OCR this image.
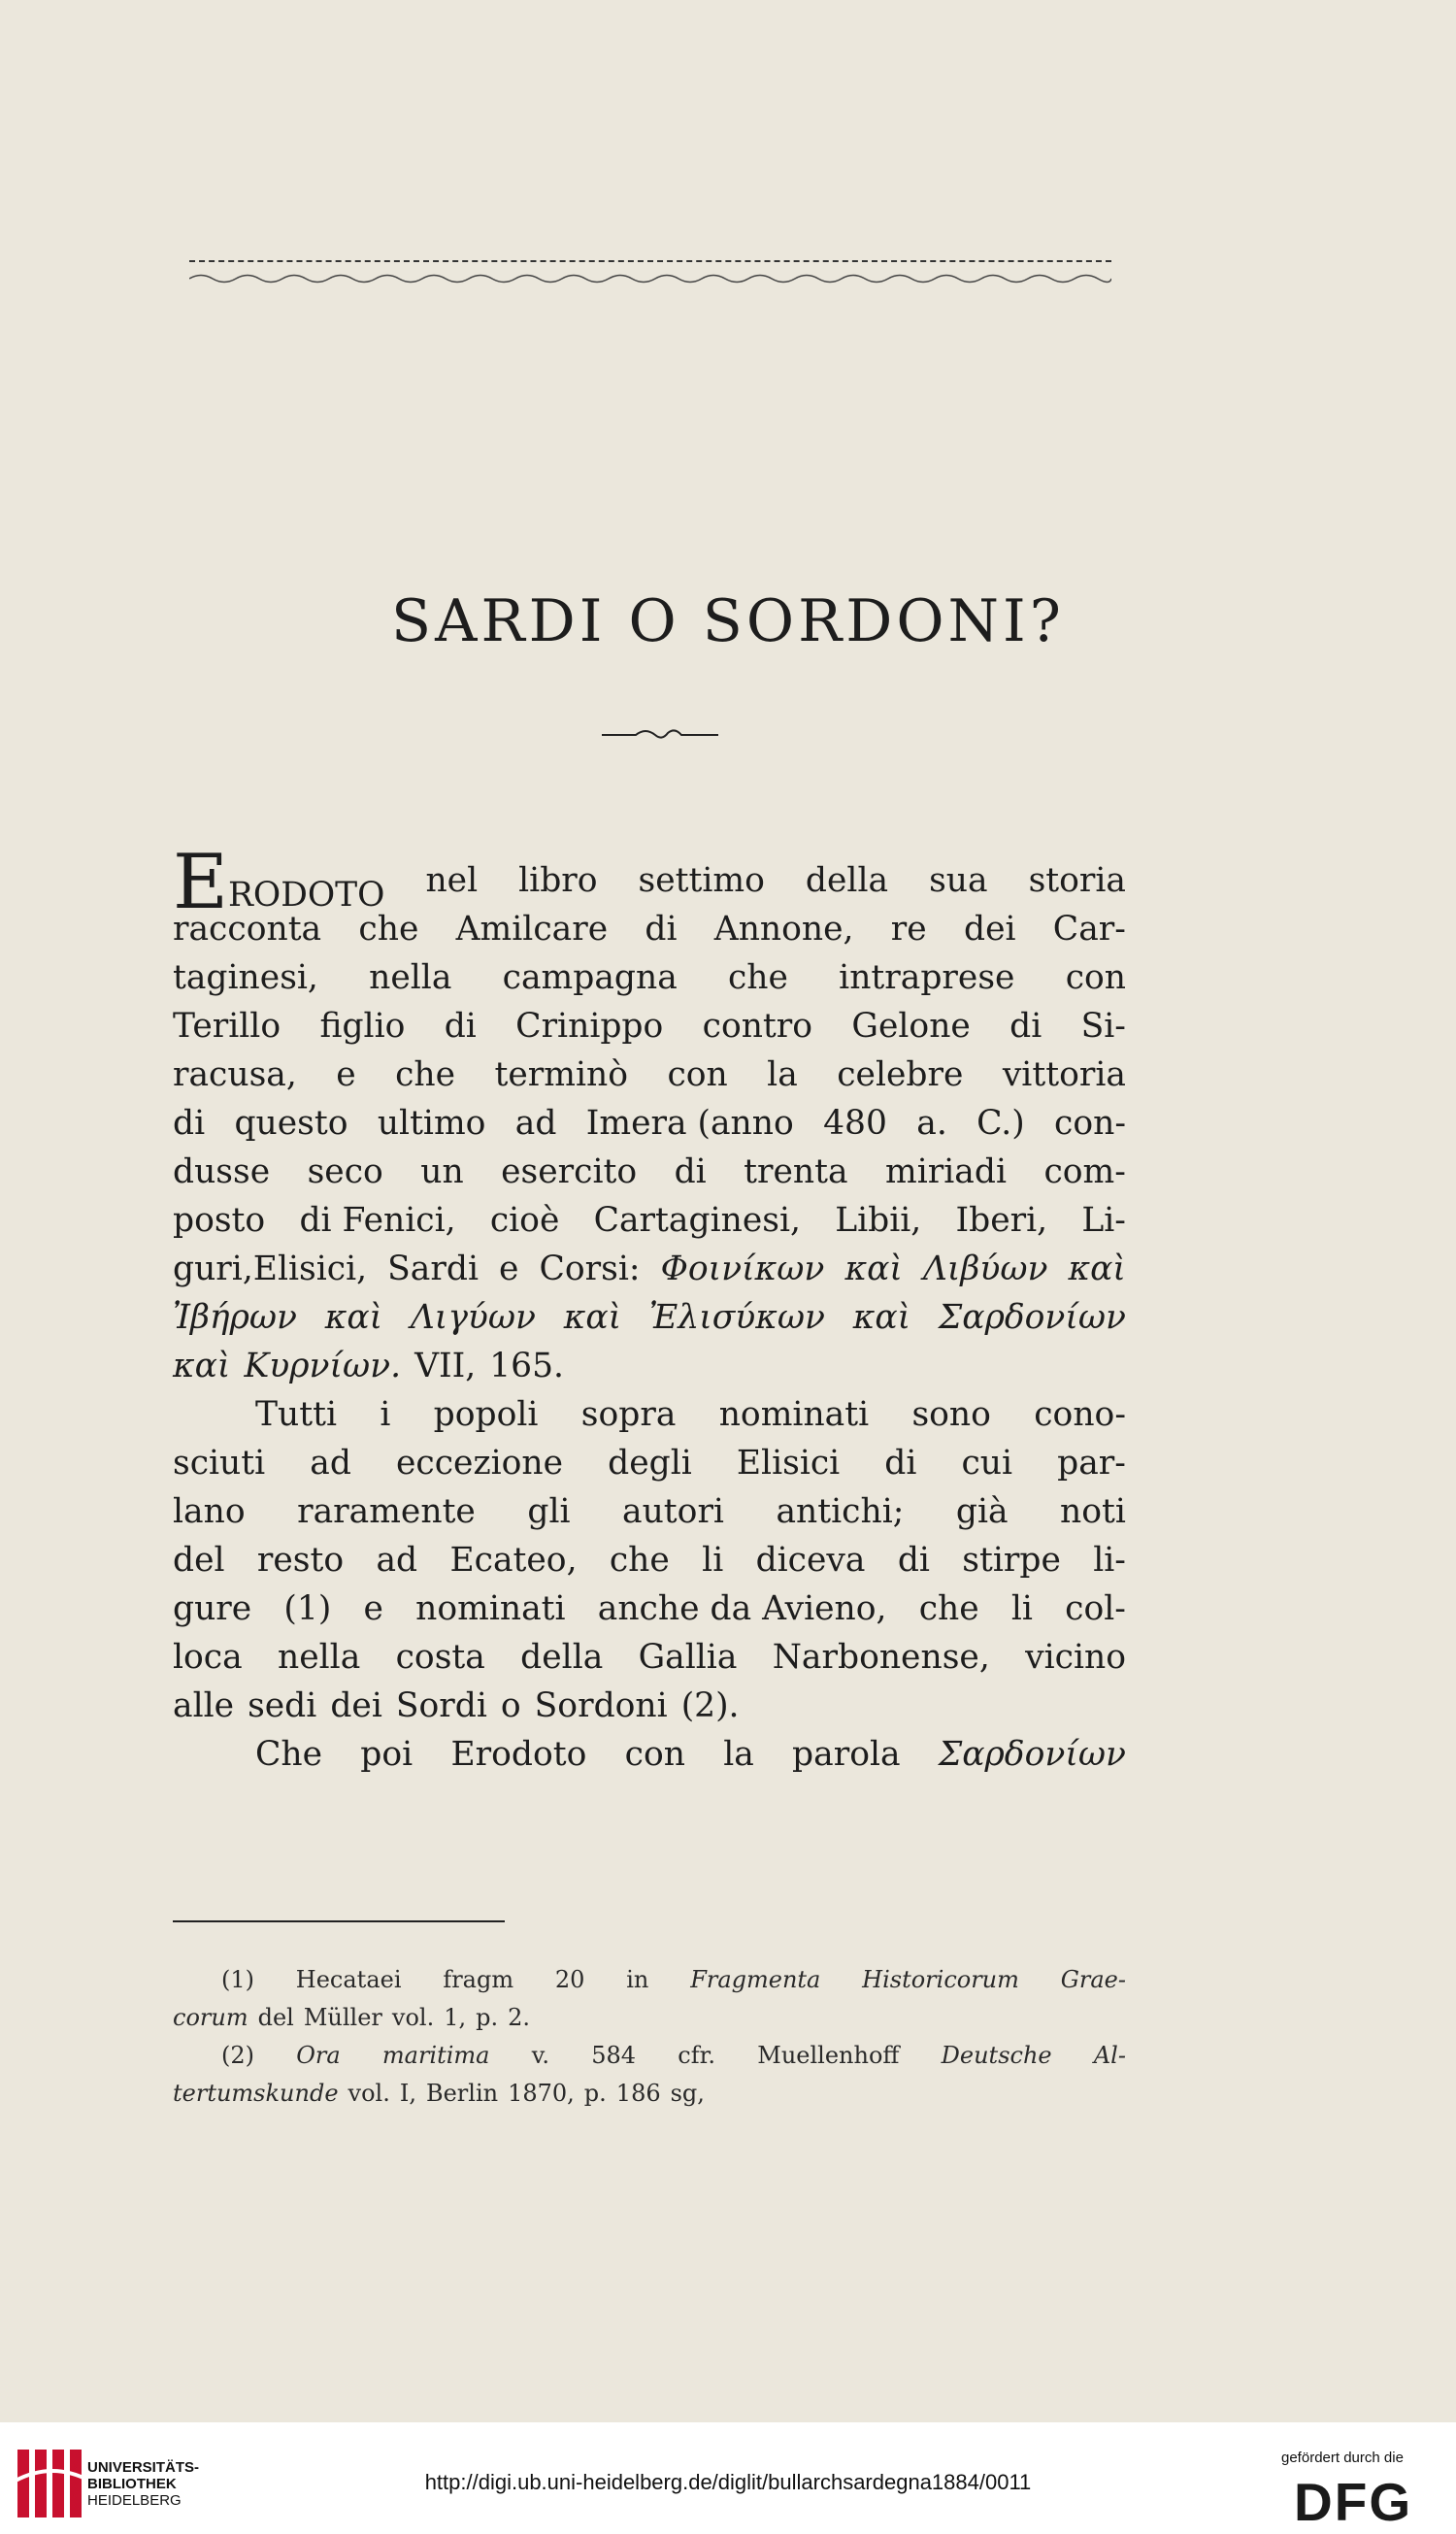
SARDI O SORDONI?
ERODOTO nel libro settimo della sua storia
racconta che Amilcare di Annone, re dei Car-
taginesi, nella campagna che intraprese con
Terillo figlio di Crinippo contro Gelone di Si-
racusa, e che terminò con la celebre vittoria
di questo ultimo ad Imera (anno 480 a. C.) con-
dusse seco un esercito di trenta miriadi com-
posto di Fenici, cioè Cartaginesi, Libii, Iberi, Li-
guri,Elisici, Sardi e Corsi: Φοινίκων καὶ Λιβύων καὶ
Ἰβήρων καὶ Λιγύων καὶ Ἐλισύκων καὶ Σαρδονίων
καὶ Κυρνίων. VII, 165.
Tutti i popoli sopra nominati sono cono-
sciuti ad eccezione degli Elisici di cui par-
lano raramente gli autori antichi; già noti
del resto ad Ecateo, che li diceva di stirpe li-
gure (1) e nominati anche da Avieno, che li col-
loca nella costa della Gallia Narbonense, vicino
alle sedi dei Sordi o Sordoni (2).
Che poi Erodoto con la parola Σαρδονίων
(1) Hecataei fragm 20 in Fragmenta Historicorum Grae-
corum del Müller vol. 1, p. 2.
(2) Ora maritima v. 584 cfr. Muellenhoff Deutsche Al-
tertumskunde vol. I, Berlin 1870, p. 186 sg,
UNIVERSITÄTS-
BIBLIOTHEK
HEIDELBERG
http://digi.ub.uni-heidelberg.de/diglit/bullarchsardegna1884/0011
gefördert durch die
DFG
